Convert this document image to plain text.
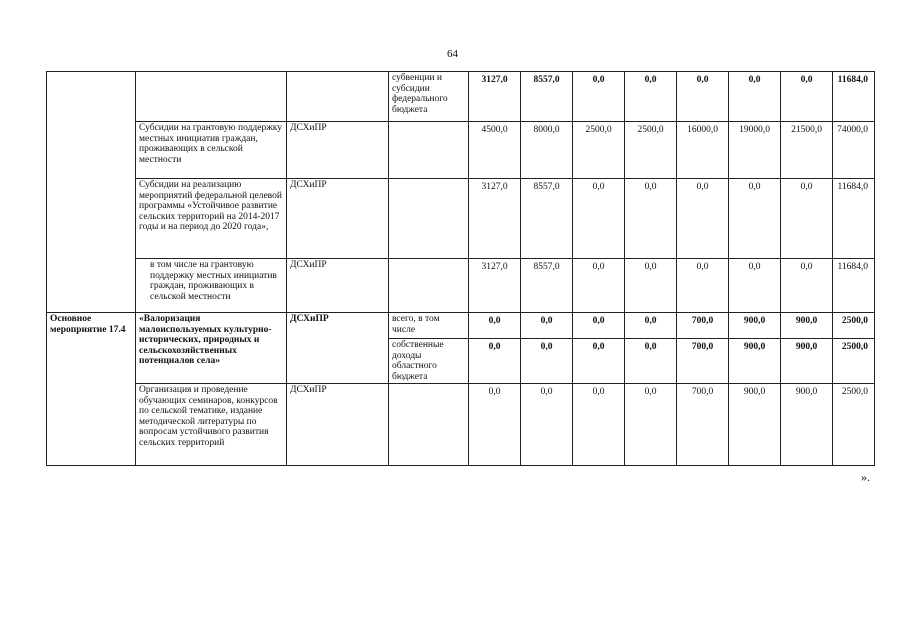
64
			субвенции и субсидии федерального бюджета	3127,0	8557,0	0,0	0,0	0,0	0,0	0,0	11684,0
	Субсидии на грантовую поддержку местных инициатив граждан, проживающих в сельской местности	ДСХиПР		4500,0	8000,0	2500,0	2500,0	16000,0	19000,0	21500,0	74000,0
	Субсидии на реализацию мероприятий федеральной целевой программы «Устойчивое развитие сельских территорий на 2014-2017 годы и на период до 2020 года»,	ДСХиПР		3127,0	8557,0	0,0	0,0	0,0	0,0	0,0	11684,0
	в том числе на грантовую поддержку местных инициатив граждан, проживающих в сельской местности	ДСХиПР		3127,0	8557,0	0,0	0,0	0,0	0,0	0,0	11684,0
Основное мероприятие 17.4	«Валоризация малоиспользуемых культурно-исторических, природных и сельскохозяйственных потенциалов села»	ДСХиПР	всего, в том числе	0,0	0,0	0,0	0,0	700,0	900,0	900,0	2500,0
			собственные доходы областного бюджета	0,0	0,0	0,0	0,0	700,0	900,0	900,0	2500,0
	Организация и проведение обучающих семинаров, конкурсов по сельской тематике, издание методической литературы по вопросам устойчивого развития сельских территорий	ДСХиПР		0,0	0,0	0,0	0,0	700,0	900,0	900,0	2500,0
».
